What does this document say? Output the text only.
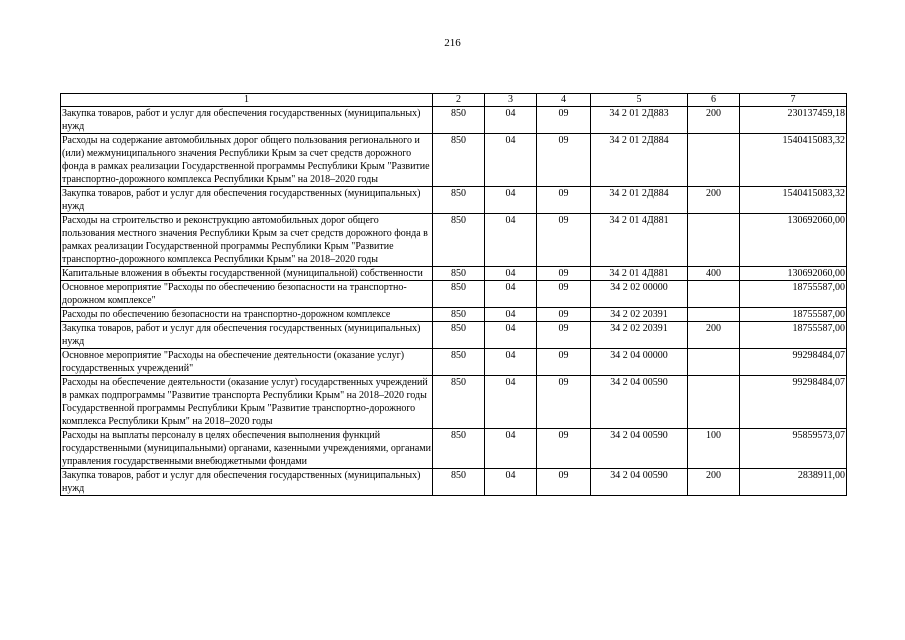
216
1	2	3	4	5	6	7
Закупка товаров, работ и услуг для обеспечения государственных (муниципальных) нужд	850	04	09	34 2 01 2Д883	200	230137459,18
Расходы на содержание автомобильных дорог общего пользования регионального и (или) межмуниципального значения Республики Крым за счет средств дорожного фонда в рамках реализации Государственной программы Республики Крым "Развитие транспортно-дорожного комплекса Республики Крым" на 2018–2020 годы	850	04	09	34 2 01 2Д884		1540415083,32
Закупка товаров, работ и услуг для обеспечения государственных (муниципальных) нужд	850	04	09	34 2 01 2Д884	200	1540415083,32
Расходы на строительство и реконструкцию автомобильных дорог общего пользования местного значения Республики Крым за счет средств дорожного фонда в рамках реализации Государственной программы Республики Крым "Развитие транспортно-дорожного комплекса Республики Крым" на 2018–2020 годы	850	04	09	34 2 01 4Д881		130692060,00
Капитальные вложения в объекты государственной (муниципальной) собственности	850	04	09	34 2 01 4Д881	400	130692060,00
Основное мероприятие "Расходы по обеспечению безопасности на транспортно-дорожном комплексе"	850	04	09	34 2 02 00000		18755587,00
Расходы по обеспечению безопасности на транспортно-дорожном комплексе	850	04	09	34 2 02 20391		18755587,00
Закупка товаров, работ и услуг для обеспечения государственных (муниципальных) нужд	850	04	09	34 2 02 20391	200	18755587,00
Основное мероприятие "Расходы на обеспечение деятельности (оказание услуг) государственных учреждений"	850	04	09	34 2 04 00000		99298484,07
Расходы на обеспечение деятельности (оказание услуг) государственных учреждений в рамках подпрограммы "Развитие транспорта Республики Крым" на 2018–2020 годы Государственной программы Республики Крым "Развитие транспортно-дорожного комплекса Республики Крым" на 2018–2020 годы	850	04	09	34 2 04 00590		99298484,07
Расходы на выплаты персоналу в целях обеспечения выполнения функций государственными (муниципальными) органами, казенными учреждениями, органами управления государственными внебюджетными фондами	850	04	09	34 2 04 00590	100	95859573,07
Закупка товаров, работ и услуг для обеспечения государственных (муниципальных) нужд	850	04	09	34 2 04 00590	200	2838911,00
